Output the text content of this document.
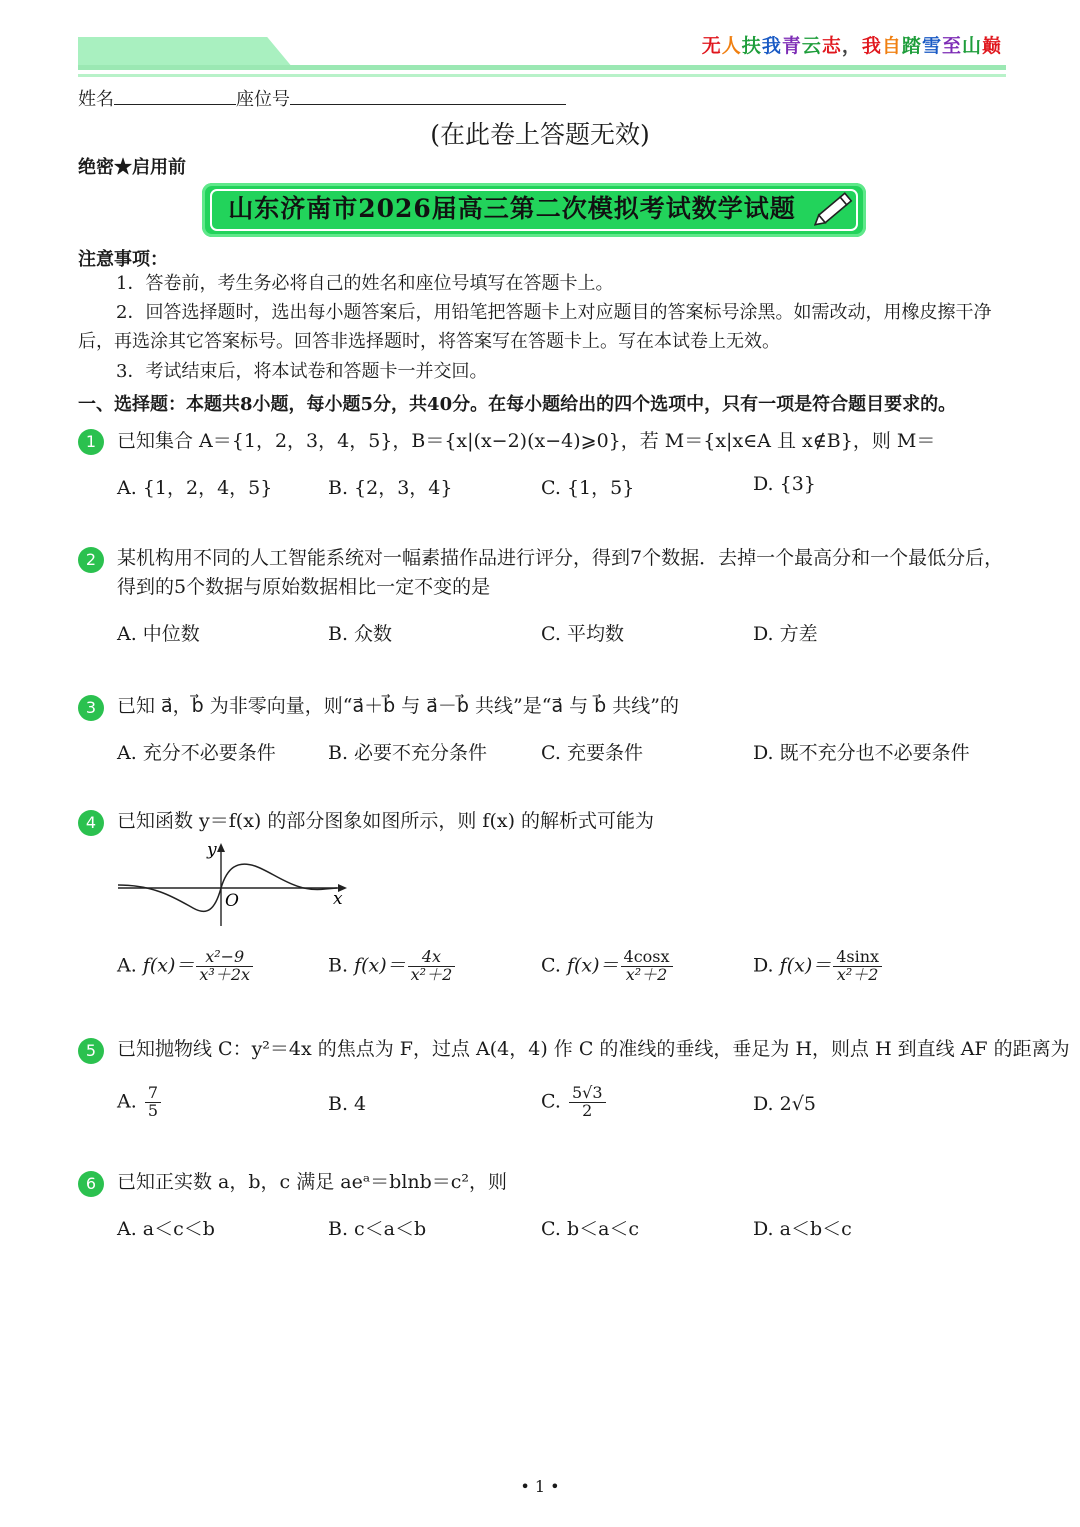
无人扶我青云志，我自踏雪至山巅
姓名	座位号
(在此卷上答题无效)
绝密★启用前
山东济南市2026届高三第二次模拟考试数学试题
注意事项：
1．答卷前，考生务必将自己的姓名和座位号填写在答题卡上。
2．回答选择题时，选出每小题答案后，用铅笔把答题卡上对应题目的答案标号涂黑。如需改动，用橡皮擦干净后，再选涂其它答案标号。回答非选择题时，将答案写在答题卡上。写在本试卷上无效。
3．考试结束后，将本试卷和答题卡一并交回。
一、选择题：本题共8小题，每小题5分，共40分。在每小题给出的四个选项中，只有一项是符合题目要求的。
1	已知集合 A＝{1，2，3，4，5}，B＝{x|(x−2)(x−4)⩾0}，若 M＝{x|x∈A 且 x∉B}，则 M＝
A. {1，2，4，5}	B. {2，3，4}	C. {1，5}	D. {3}
2	某机构用不同的人工智能系统对一幅素描作品进行评分，得到7个数据．去掉一个最高分和一个最低分后，得到的5个数据与原始数据相比一定不变的是
A. 中位数	B. 众数	C. 平均数	D. 方差
3	已知 a⃗，b⃗ 为非零向量，则“a⃗＋b⃗ 与 a⃗－b⃗ 共线”是“a⃗ 与 b⃗ 共线”的
A. 充分不必要条件	B. 必要不充分条件	C. 充要条件	D. 既不充分也不必要条件
4	已知函数 y＝f(x) 的部分图象如图所示，则 f(x) 的解析式可能为
y
O	x
A. $f(x)= \frac{\text{x²−9}}{\text{x³＋2x}}$	B. $f(x)= \frac{4x}{\text{x²＋2}}$	C. $f(x)= \frac{4\cos x}{\text{x²＋2}}$	D. $f(x)= \frac{4\sin x}{\text{x²＋2}}$
5	已知抛物线 C：y²＝4x 的焦点为 F，过点 A(4，4) 作 C 的准线的垂线，垂足为 H，则点 H 到直线 AF 的距离为
A. $\frac{7}{5}$	B. 4	C. $\frac{5√3}{2}$	D. 2√5
6	已知正实数 a，b，c 满足 aeᵃ＝blnb＝c²，则
A. a＜c＜b	B. c＜a＜b	C. b＜a＜c	D. a＜b＜c
• 1 •
